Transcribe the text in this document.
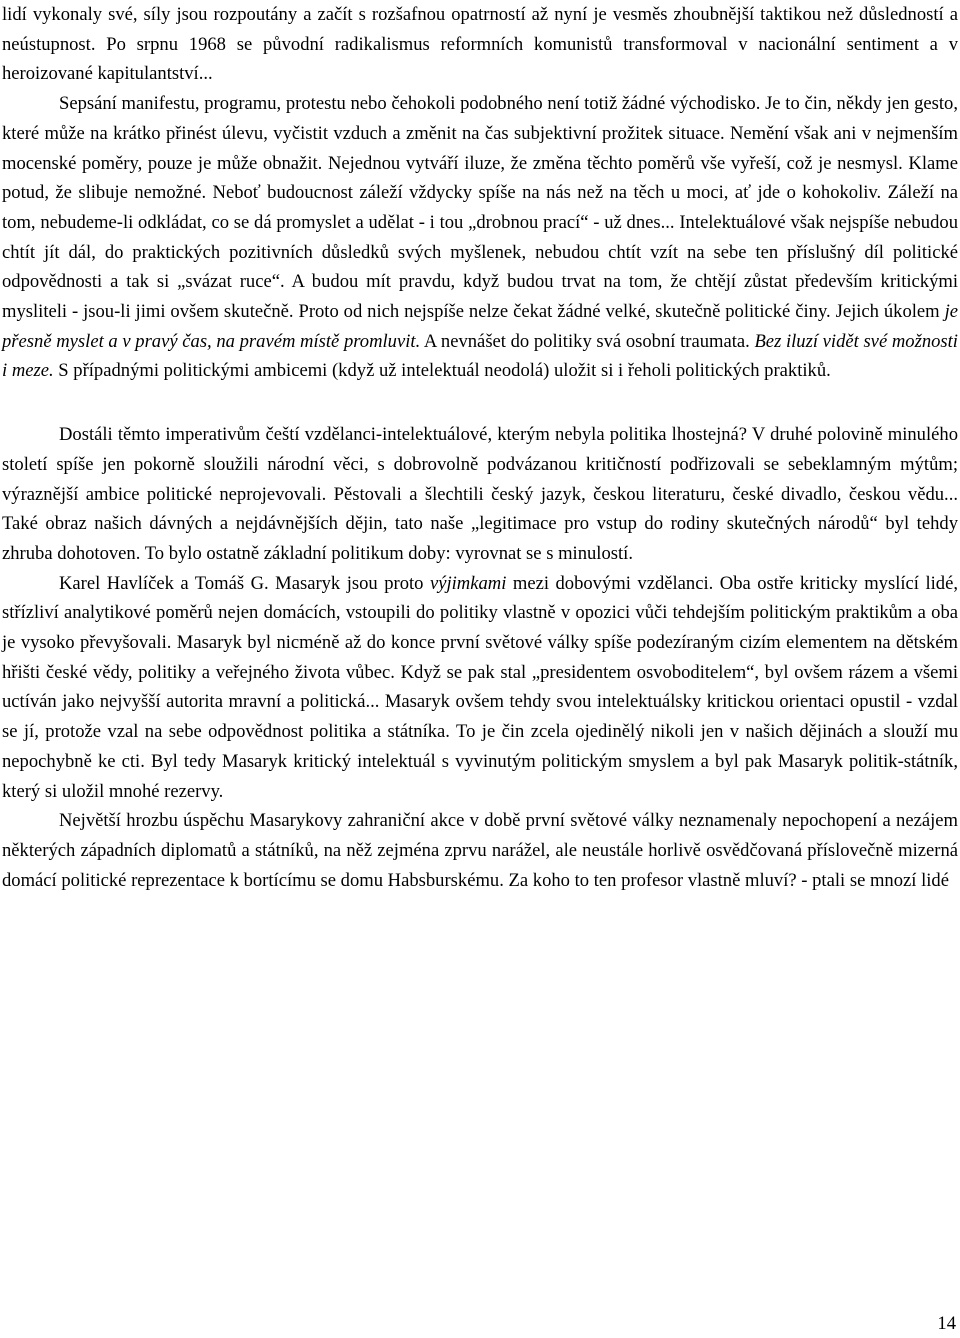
lidí vykonaly své, síly jsou rozpoutány a začít s rozšafnou opatrností až nyní je vesměs zhoubnější taktikou než důsledností a neústupnost. Po srpnu 1968 se původní radikalismus reformních komunistů transformoval v nacionální sentiment a v heroizované kapitulantství...

Sepsání manifestu, programu, protestu nebo čehokoli podobného není totiž žádné východisko. Je to čin, někdy jen gesto, které může na krátko přinést úlevu, vyčistit vzduch a změnit na čas subjektivní prožitek situace. Nemění však ani v nejmenším mocenské poměry, pouze je může obnažit. Nejednou vytváří iluze, že změna těchto poměrů vše vyřeší, což je nesmysl. Klame potud, že slibuje nemožné. Neboť budoucnost záleží vždycky spíše na nás než na těch u moci, ať jde o kohokoliv. Záleží na tom, nebudeme-li odkládat, co se dá promyslet a udělat - i tou „drobnou prací“ - už dnes... Intelektuálové však nejspíše nebudou chtít jít dál, do praktických pozitivních důsledků svých myšlenek, nebudou chtít vzít na sebe ten příslušný díl politické odpovědnosti a tak si „svázat ruce“. A budou mít pravdu, když budou trvat na tom, že chtějí zůstat především kritickými mysliteli - jsou-li jimi ovšem skutečně. Proto od nich nejspíše nelze čekat žádné velké, skutečně politické činy. Jejich úkolem je přesně myslet a v pravý čas, na pravém místě promluvit. A nevnášet do politiky svá osobní traumata. Bez iluzí vidět své možnosti i meze. S případnými politickými ambicemi (když už intelektuál neodolá) uložit si i řeholi politických praktiků.

Dostáli těmto imperativům čeští vzdělanci-intelektuálové, kterým nebyla politika lhostejná? V druhé polovině minulého století spíše jen pokorně sloužili národní věci, s dobrovolně podvázanou kritičností podřizovali se sebeklamným mýtům; výraznější ambice politické neprojevovali. Pěstovali a šlechtili český jazyk, českou literaturu, české divadlo, českou vědu... Také obraz našich dávných a nejdávnějších dějin, tato naše „legitimace pro vstup do rodiny skutečných národů“ byl tehdy zhruba dohotoven. To bylo ostatně základní politikum doby: vyrovnat se s minulostí.

Karel Havlíček a Tomáš G. Masaryk jsou proto výjimkami mezi dobovými vzdělanci. Oba ostře kriticky myslící lidé, střízliví analytikové poměrů nejen domácích, vstoupili do politiky vlastně v opozici vůči tehdejším politickým praktikům a oba je vysoko převyšovali. Masaryk byl nicméně až do konce první světové války spíše podezíraným cizím elementem na dětském hřišti české vědy, politiky a veřejného života vůbec. Když se pak stal „presidentem osvoboditelem“, byl ovšem rázem a všemi uctíván jako nejvyšší autorita mravní a politická... Masaryk ovšem tehdy svou intelektuálsky kritickou orientaci opustil - vzdal se jí, protože vzal na sebe odpovědnost politika a státníka. To je čin zcela ojedinělý nikoli jen v našich dějinách a slouží mu nepochybně ke cti. Byl tedy Masaryk kritický intelektuál s vyvinutým politickým smyslem a byl pak Masaryk politik-státník, který si uložil mnohé rezervy.

Největší hrozbu úspěchu Masarykovy zahraniční akce v době první světové války neznamenaly nepochopení a nezájem některých západních diplomatů a státníků, na něž zejména zprvu narážel, ale neustále horlivě osvědčovaná příslovečně mizerná domácí politické reprezentace k bortícímu se domu Habsburskému. Za koho to ten profesor vlastně mluví? - ptali se mnozí lidé

14
